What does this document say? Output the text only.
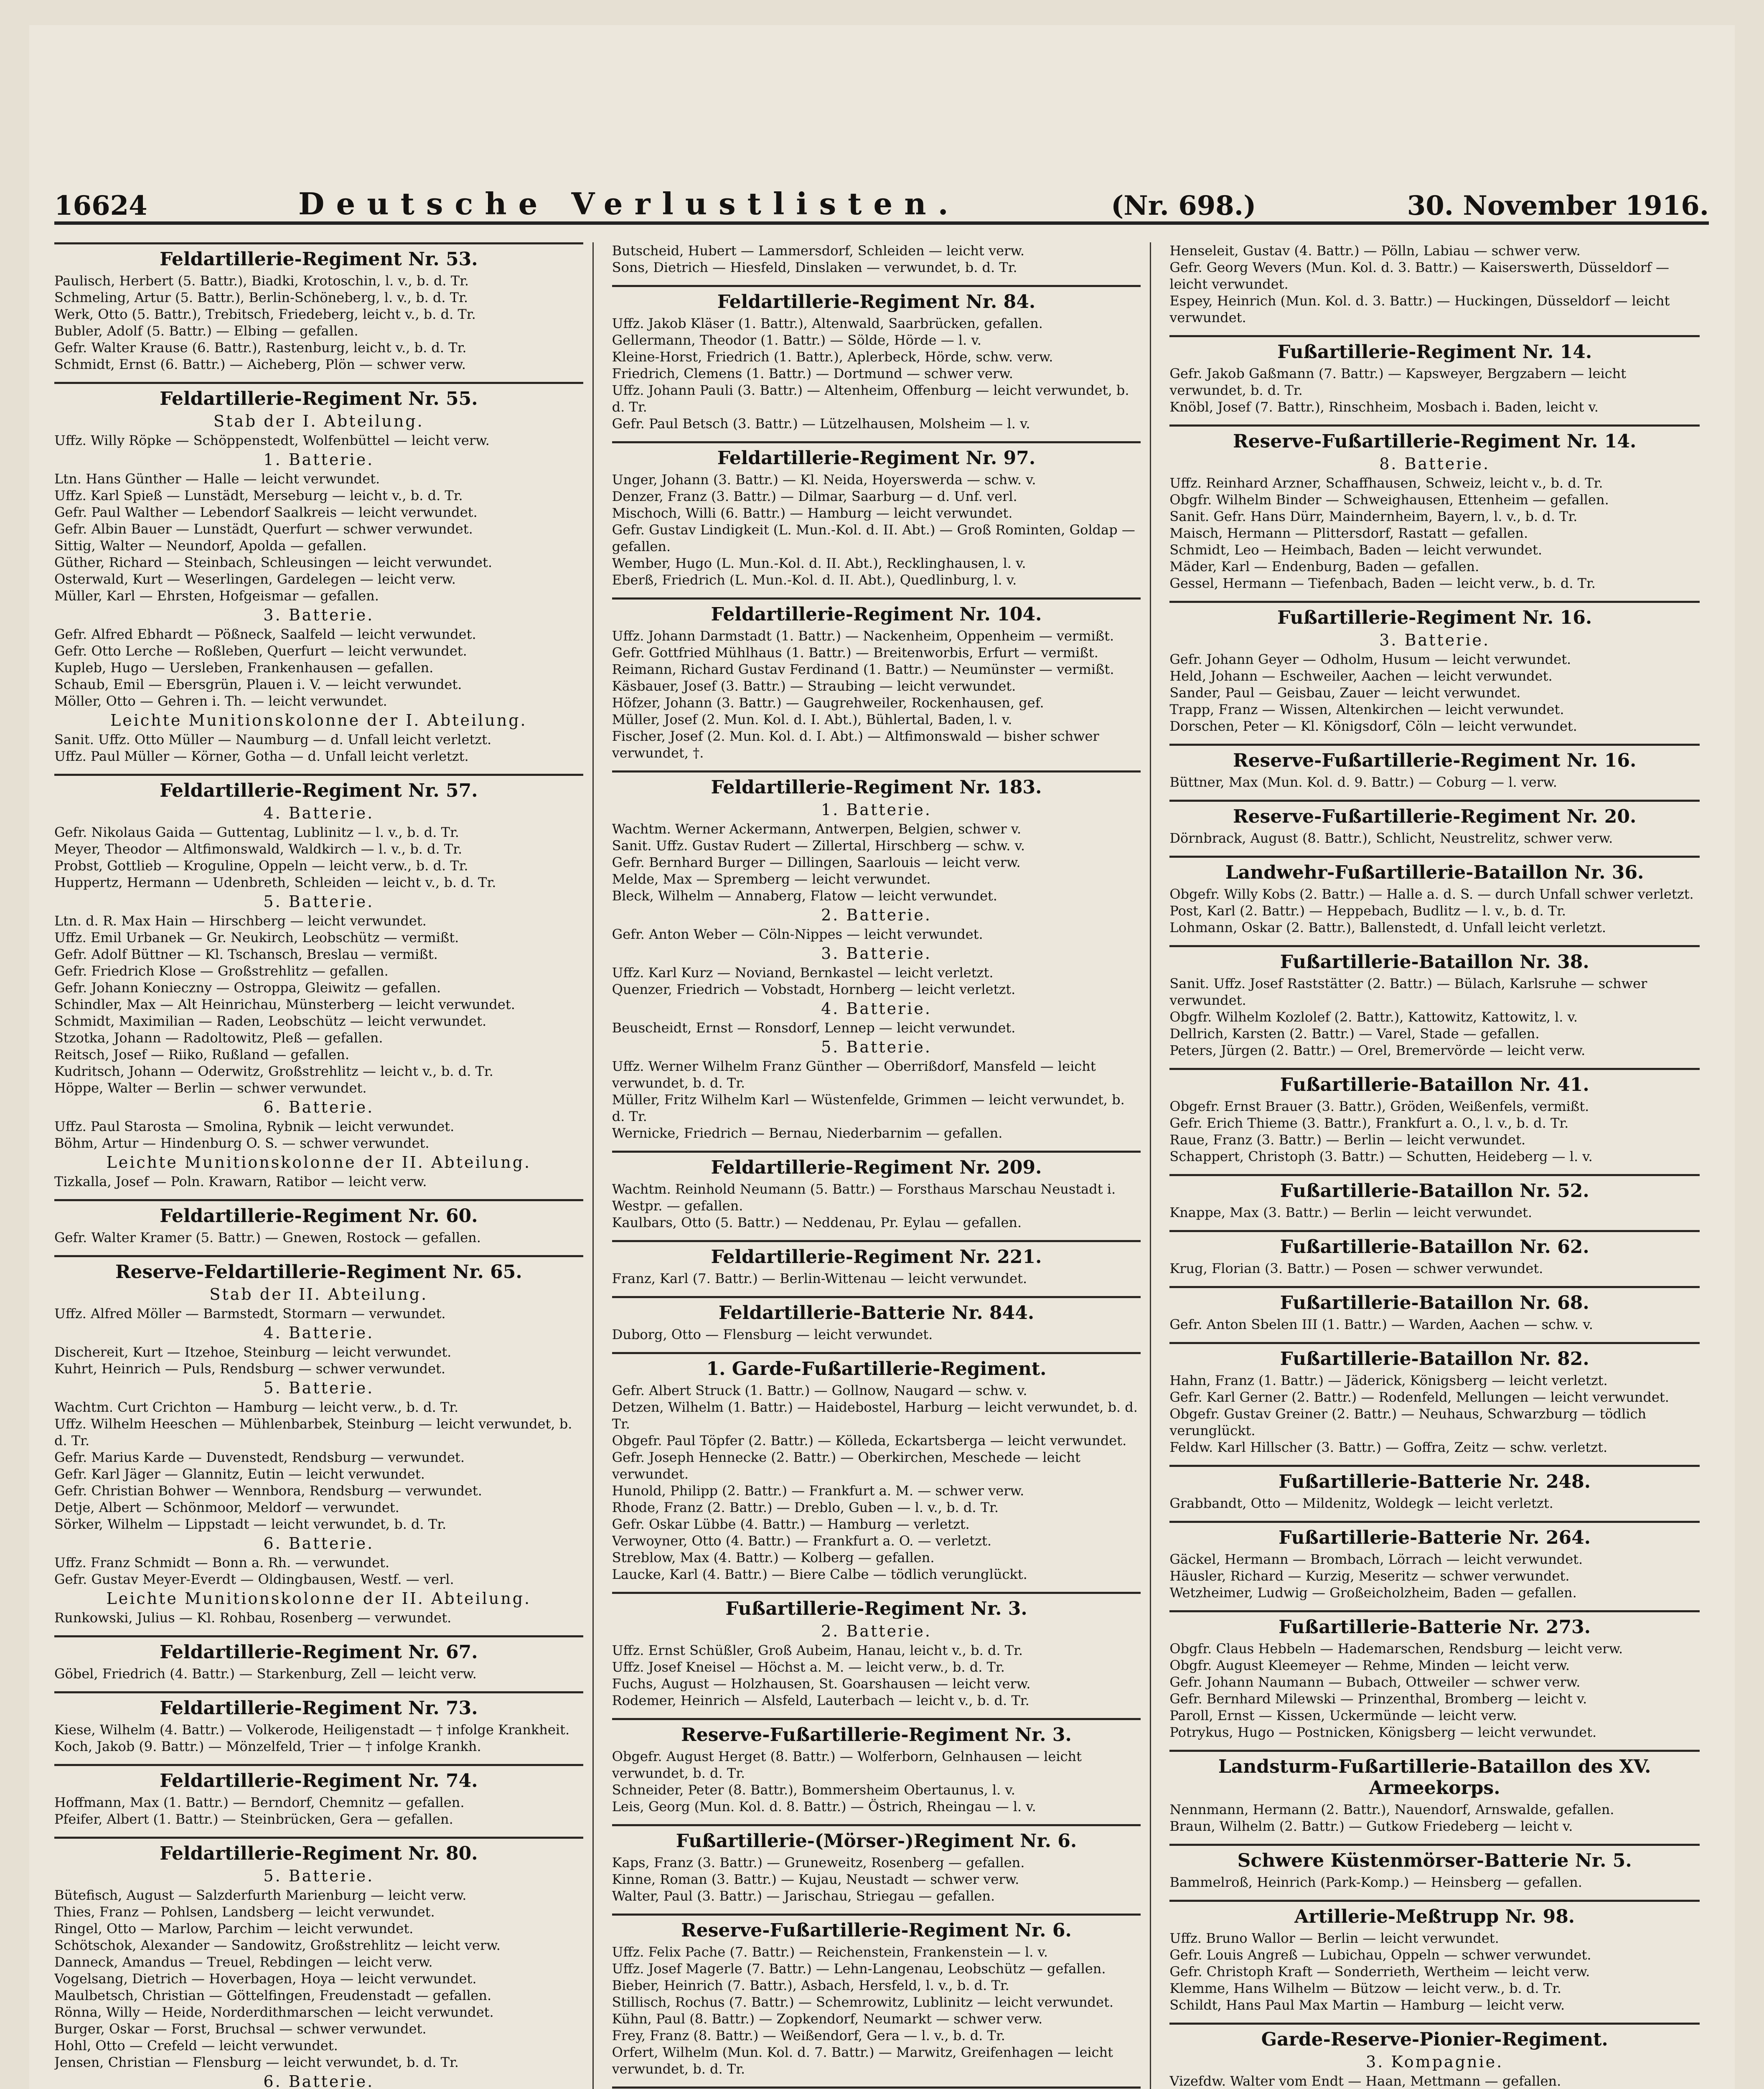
16624	Deutsche Verlustlisten.	(Nr. 698.)	30. November 1916.
Feldartillerie-Regiment Nr. 53.
Paulisch, Herbert (5. Battr.), Biadki, Krotoschin, l. v., b. d. Tr.
Schmeling, Artur (5. Battr.), Berlin-Schöneberg, l. v., b. d. Tr.
Werk, Otto (5. Battr.), Trebitsch, Friedeberg, leicht v., b. d. Tr.
Bubler, Adolf (5. Battr.) — Elbing — gefallen.
Gefr. Walter Krause (6. Battr.), Rastenburg, leicht v., b. d. Tr.
Schmidt, Ernst (6. Battr.) — Aicheberg, Plön — schwer verw.
Feldartillerie-Regiment Nr. 55.
Stab der I. Abteilung.
Uffz. Willy Röpke — Schöppenstedt, Wolfenbüttel — leicht verw.
1. Batterie.
Ltn. Hans Günther — Halle — leicht verwundet.
Uffz. Karl Spieß — Lunstädt, Merseburg — leicht v., b. d. Tr.
Gefr. Paul Walther — Lebendorf Saalkreis — leicht verwundet.
Gefr. Albin Bauer — Lunstädt, Querfurt — schwer verwundet.
Sittig, Walter — Neundorf, Apolda — gefallen.
Güther, Richard — Steinbach, Schleusingen — leicht verwundet.
Osterwald, Kurt — Weserlingen, Gardelegen — leicht verw.
Müller, Karl — Ehrsten, Hofgeismar — gefallen.
3. Batterie.
Gefr. Alfred Ebhardt — Pößneck, Saalfeld — leicht verwundet.
Gefr. Otto Lerche — Roßleben, Querfurt — leicht verwundet.
Kupleb, Hugo — Uersleben, Frankenhausen — gefallen.
Schaub, Emil — Ebersgrün, Plauen i. V. — leicht verwundet.
Möller, Otto — Gehren i. Th. — leicht verwundet.
Leichte Munitionskolonne der I. Abteilung.
Sanit. Uffz. Otto Müller — Naumburg — d. Unfall leicht verletzt.
Uffz. Paul Müller — Körner, Gotha — d. Unfall leicht verletzt.
Feldartillerie-Regiment Nr. 57.
4. Batterie.
Gefr. Nikolaus Gaida — Guttentag, Lublinitz — l. v., b. d. Tr.
Meyer, Theodor — Altfimonswald, Waldkirch — l. v., b. d. Tr.
Probst, Gottlieb — Kroguline, Oppeln — leicht verw., b. d. Tr.
Huppertz, Hermann — Udenbreth, Schleiden — leicht v., b. d. Tr.
5. Batterie.
Ltn. d. R. Max Hain — Hirschberg — leicht verwundet.
Uffz. Emil Urbanek — Gr. Neukirch, Leobschütz — vermißt.
Gefr. Adolf Büttner — Kl. Tschansch, Breslau — vermißt.
Gefr. Friedrich Klose — Großstrehlitz — gefallen.
Gefr. Johann Konieczny — Ostroppa, Gleiwitz — gefallen.
Schindler, Max — Alt Heinrichau, Münsterberg — leicht verwundet.
Schmidt, Maximilian — Raden, Leobschütz — leicht verwundet.
Stzotka, Johann — Radoltowitz, Pleß — gefallen.
Reitsch, Josef — Riiko, Rußland — gefallen.
Kudritsch, Johann — Oderwitz, Großstrehlitz — leicht v., b. d. Tr.
Höppe, Walter — Berlin — schwer verwundet.
6. Batterie.
Uffz. Paul Starosta — Smolina, Rybnik — leicht verwundet.
Böhm, Artur — Hindenburg O. S. — schwer verwundet.
Leichte Munitionskolonne der II. Abteilung.
Tizkalla, Josef — Poln. Krawarn, Ratibor — leicht verw.
Feldartillerie-Regiment Nr. 60.
Gefr. Walter Kramer (5. Battr.) — Gnewen, Rostock — gefallen.
Reserve-Feldartillerie-Regiment Nr. 65.
Stab der II. Abteilung.
Uffz. Alfred Möller — Barmstedt, Stormarn — verwundet.
4. Batterie.
Dischereit, Kurt — Itzehoe, Steinburg — leicht verwundet.
Kuhrt, Heinrich — Puls, Rendsburg — schwer verwundet.
5. Batterie.
Wachtm. Curt Crichton — Hamburg — leicht verw., b. d. Tr.
Uffz. Wilhelm Heeschen — Mühlenbarbek, Steinburg — leicht verwundet, b. d. Tr.
Gefr. Marius Karde — Duvenstedt, Rendsburg — verwundet.
Gefr. Karl Jäger — Glannitz, Eutin — leicht verwundet.
Gefr. Christian Bohwer — Wennbora, Rendsburg — verwundet.
Detje, Albert — Schönmoor, Meldorf — verwundet.
Sörker, Wilhelm — Lippstadt — leicht verwundet, b. d. Tr.
6. Batterie.
Uffz. Franz Schmidt — Bonn a. Rh. — verwundet.
Gefr. Gustav Meyer-Everdt — Oldingbausen, Westf. — verl.
Leichte Munitionskolonne der II. Abteilung.
Runkowski, Julius — Kl. Rohbau, Rosenberg — verwundet.
Feldartillerie-Regiment Nr. 67.
Göbel, Friedrich (4. Battr.) — Starkenburg, Zell — leicht verw.
Feldartillerie-Regiment Nr. 73.
Kiese, Wilhelm (4. Battr.) — Volkerode, Heiligenstadt — † infolge Krankheit.
Koch, Jakob (9. Battr.) — Mönzelfeld, Trier — † infolge Krankh.
Feldartillerie-Regiment Nr. 74.
Hoffmann, Max (1. Battr.) — Berndorf, Chemnitz — gefallen.
Pfeifer, Albert (1. Battr.) — Steinbrücken, Gera — gefallen.
Feldartillerie-Regiment Nr. 80.
5. Batterie.
Bütefisch, August — Salzderfurth Marienburg — leicht verw.
Thies, Franz — Pohlsen, Landsberg — leicht verwundet.
Ringel, Otto — Marlow, Parchim — leicht verwundet.
Schötschok, Alexander — Sandowitz, Großstrehlitz — leicht verw.
Danneck, Amandus — Treuel, Rebdingen — leicht verw.
Vogelsang, Dietrich — Hoverbagen, Hoya — leicht verwundet.
Maulbetsch, Christian — Göttelfingen, Freudenstadt — gefallen.
Rönna, Willy — Heide, Norderdithmarschen — leicht verwundet.
Burger, Oskar — Forst, Bruchsal — schwer verwundet.
Hohl, Otto — Crefeld — leicht verwundet.
Jensen, Christian — Flensburg — leicht verwundet, b. d. Tr.
6. Batterie.
Butscheid, Hubert — Lammersdorf, Schleiden — leicht verw.
Sons, Dietrich — Hiesfeld, Dinslaken — verwundet, b. d. Tr.
Feldartillerie-Regiment Nr. 84.
Uffz. Jakob Kläser (1. Battr.), Altenwald, Saarbrücken, gefallen.
Gellermann, Theodor (1. Battr.) — Sölde, Hörde — l. v.
Kleine-Horst, Friedrich (1. Battr.), Aplerbeck, Hörde, schw. verw.
Friedrich, Clemens (1. Battr.) — Dortmund — schwer verw.
Uffz. Johann Pauli (3. Battr.) — Altenheim, Offenburg — leicht verwundet, b. d. Tr.
Gefr. Paul Betsch (3. Battr.) — Lützelhausen, Molsheim — l. v.
Feldartillerie-Regiment Nr. 97.
Unger, Johann (3. Battr.) — Kl. Neida, Hoyerswerda — schw. v.
Denzer, Franz (3. Battr.) — Dilmar, Saarburg — d. Unf. verl.
Mischoch, Willi (6. Battr.) — Hamburg — leicht verwundet.
Gefr. Gustav Lindigkeit (L. Mun.-Kol. d. II. Abt.) — Groß Rominten, Goldap — gefallen.
Wember, Hugo (L. Mun.-Kol. d. II. Abt.), Recklinghausen, l. v.
Eberß, Friedrich (L. Mun.-Kol. d. II. Abt.), Quedlinburg, l. v.
Feldartillerie-Regiment Nr. 104.
Uffz. Johann Darmstadt (1. Battr.) — Nackenheim, Oppenheim — vermißt.
Gefr. Gottfried Mühlhaus (1. Battr.) — Breitenworbis, Erfurt — vermißt.
Reimann, Richard Gustav Ferdinand (1. Battr.) — Neumünster — vermißt.
Käsbauer, Josef (3. Battr.) — Straubing — leicht verwundet.
Höfzer, Johann (3. Battr.) — Gaugrehweiler, Rockenhausen, gef.
Müller, Josef (2. Mun. Kol. d. I. Abt.), Bühlertal, Baden, l. v.
Fischer, Josef (2. Mun. Kol. d. I. Abt.) — Altfimonswald — bisher schwer verwundet, †.
Feldartillerie-Regiment Nr. 183.
1. Batterie.
Wachtm. Werner Ackermann, Antwerpen, Belgien, schwer v.
Sanit. Uffz. Gustav Rudert — Zillertal, Hirschberg — schw. v.
Gefr. Bernhard Burger — Dillingen, Saarlouis — leicht verw.
Melde, Max — Spremberg — leicht verwundet.
Bleck, Wilhelm — Annaberg, Flatow — leicht verwundet.
2. Batterie.
Gefr. Anton Weber — Cöln-Nippes — leicht verwundet.
3. Batterie.
Uffz. Karl Kurz — Noviand, Bernkastel — leicht verletzt.
Quenzer, Friedrich — Vobstadt, Hornberg — leicht verletzt.
4. Batterie.
Beuscheidt, Ernst — Ronsdorf, Lennep — leicht verwundet.
5. Batterie.
Uffz. Werner Wilhelm Franz Günther — Oberrißdorf, Mansfeld — leicht verwundet, b. d. Tr.
Müller, Fritz Wilhelm Karl — Wüstenfelde, Grimmen — leicht verwundet, b. d. Tr.
Wernicke, Friedrich — Bernau, Niederbarnim — gefallen.
Feldartillerie-Regiment Nr. 209.
Wachtm. Reinhold Neumann (5. Battr.) — Forsthaus Marschau Neustadt i. Westpr. — gefallen.
Kaulbars, Otto (5. Battr.) — Neddenau, Pr. Eylau — gefallen.
Feldartillerie-Regiment Nr. 221.
Franz, Karl (7. Battr.) — Berlin-Wittenau — leicht verwundet.
Feldartillerie-Batterie Nr. 844.
Duborg, Otto — Flensburg — leicht verwundet.
1. Garde-Fußartillerie-Regiment.
Gefr. Albert Struck (1. Battr.) — Gollnow, Naugard — schw. v.
Detzen, Wilhelm (1. Battr.) — Haidebostel, Harburg — leicht verwundet, b. d. Tr.
Obgefr. Paul Töpfer (2. Battr.) — Kölleda, Eckartsberga — leicht verwundet.
Gefr. Joseph Hennecke (2. Battr.) — Oberkirchen, Meschede — leicht verwundet.
Hunold, Philipp (2. Battr.) — Frankfurt a. M. — schwer verw.
Rhode, Franz (2. Battr.) — Dreblo, Guben — l. v., b. d. Tr.
Gefr. Oskar Lübbe (4. Battr.) — Hamburg — verletzt.
Verwoyner, Otto (4. Battr.) — Frankfurt a. O. — verletzt.
Streblow, Max (4. Battr.) — Kolberg — gefallen.
Laucke, Karl (4. Battr.) — Biere Calbe — tödlich verunglückt.
Fußartillerie-Regiment Nr. 3.
2. Batterie.
Uffz. Ernst Schüßler, Groß Aubeim, Hanau, leicht v., b. d. Tr.
Uffz. Josef Kneisel — Höchst a. M. — leicht verw., b. d. Tr.
Fuchs, August — Holzhausen, St. Goarshausen — leicht verw.
Rodemer, Heinrich — Alsfeld, Lauterbach — leicht v., b. d. Tr.
Reserve-Fußartillerie-Regiment Nr. 3.
Obgefr. August Herget (8. Battr.) — Wolferborn, Gelnhausen — leicht verwundet, b. d. Tr.
Schneider, Peter (8. Battr.), Bommersheim Obertaunus, l. v.
Leis, Georg (Mun. Kol. d. 8. Battr.) — Östrich, Rheingau — l. v.
Fußartillerie-(Mörser-)Regiment Nr. 6.
Kaps, Franz (3. Battr.) — Gruneweitz, Rosenberg — gefallen.
Kinne, Roman (3. Battr.) — Kujau, Neustadt — schwer verw.
Walter, Paul (3. Battr.) — Jarischau, Striegau — gefallen.
Reserve-Fußartillerie-Regiment Nr. 6.
Uffz. Felix Pache (7. Battr.) — Reichenstein, Frankenstein — l. v.
Uffz. Josef Magerle (7. Battr.) — Lehn-Langenau, Leobschütz — gefallen.
Bieber, Heinrich (7. Battr.), Asbach, Hersfeld, l. v., b. d. Tr.
Stillisch, Rochus (7. Battr.) — Schemrowitz, Lublinitz — leicht verwundet.
Kühn, Paul (8. Battr.) — Zopkendorf, Neumarkt — schwer verw.
Frey, Franz (8. Battr.) — Weißendorf, Gera — l. v., b. d. Tr.
Orfert, Wilhelm (Mun. Kol. d. 7. Battr.) — Marwitz, Greifenhagen — leicht verwundet, b. d. Tr.
Henseleit, Gustav (4. Battr.) — Pölln, Labiau — schwer verw.
Gefr. Georg Wevers (Mun. Kol. d. 3. Battr.) — Kaiserswerth, Düsseldorf — leicht verwundet.
Espey, Heinrich (Mun. Kol. d. 3. Battr.) — Huckingen, Düsseldorf — leicht verwundet.
Fußartillerie-Regiment Nr. 14.
Gefr. Jakob Gaßmann (7. Battr.) — Kapsweyer, Bergzabern — leicht verwundet, b. d. Tr.
Knöbl, Josef (7. Battr.), Rinschheim, Mosbach i. Baden, leicht v.
Reserve-Fußartillerie-Regiment Nr. 14.
8. Batterie.
Uffz. Reinhard Arzner, Schaffhausen, Schweiz, leicht v., b. d. Tr.
Obgfr. Wilhelm Binder — Schweighausen, Ettenheim — gefallen.
Sanit. Gefr. Hans Dürr, Maindernheim, Bayern, l. v., b. d. Tr.
Maisch, Hermann — Plittersdorf, Rastatt — gefallen.
Schmidt, Leo — Heimbach, Baden — leicht verwundet.
Mäder, Karl — Endenburg, Baden — gefallen.
Gessel, Hermann — Tiefenbach, Baden — leicht verw., b. d. Tr.
Fußartillerie-Regiment Nr. 16.
3. Batterie.
Gefr. Johann Geyer — Odholm, Husum — leicht verwundet.
Held, Johann — Eschweiler, Aachen — leicht verwundet.
Sander, Paul — Geisbau, Zauer — leicht verwundet.
Trapp, Franz — Wissen, Altenkirchen — leicht verwundet.
Dorschen, Peter — Kl. Königsdorf, Cöln — leicht verwundet.
Reserve-Fußartillerie-Regiment Nr. 16.
Büttner, Max (Mun. Kol. d. 9. Battr.) — Coburg — l. verw.
Reserve-Fußartillerie-Regiment Nr. 20.
Dörnbrack, August (8. Battr.), Schlicht, Neustrelitz, schwer verw.
Landwehr-Fußartillerie-Bataillon Nr. 36.
Obgefr. Willy Kobs (2. Battr.) — Halle a. d. S. — durch Unfall schwer verletzt.
Post, Karl (2. Battr.) — Heppebach, Budlitz — l. v., b. d. Tr.
Lohmann, Oskar (2. Battr.), Ballenstedt, d. Unfall leicht verletzt.
Fußartillerie-Bataillon Nr. 38.
Sanit. Uffz. Josef Raststätter (2. Battr.) — Bülach, Karlsruhe — schwer verwundet.
Obgfr. Wilhelm Kozlolef (2. Battr.), Kattowitz, Kattowitz, l. v.
Dellrich, Karsten (2. Battr.) — Varel, Stade — gefallen.
Peters, Jürgen (2. Battr.) — Orel, Bremervörde — leicht verw.
Fußartillerie-Bataillon Nr. 41.
Obgefr. Ernst Brauer (3. Battr.), Gröden, Weißenfels, vermißt.
Gefr. Erich Thieme (3. Battr.), Frankfurt a. O., l. v., b. d. Tr.
Raue, Franz (3. Battr.) — Berlin — leicht verwundet.
Schappert, Christoph (3. Battr.) — Schutten, Heideberg — l. v.
Fußartillerie-Bataillon Nr. 52.
Knappe, Max (3. Battr.) — Berlin — leicht verwundet.
Fußartillerie-Bataillon Nr. 62.
Krug, Florian (3. Battr.) — Posen — schwer verwundet.
Fußartillerie-Bataillon Nr. 68.
Gefr. Anton Sbelen III (1. Battr.) — Warden, Aachen — schw. v.
Fußartillerie-Bataillon Nr. 82.
Hahn, Franz (1. Battr.) — Jäderick, Königsberg — leicht verletzt.
Gefr. Karl Gerner (2. Battr.) — Rodenfeld, Mellungen — leicht verwundet.
Obgefr. Gustav Greiner (2. Battr.) — Neuhaus, Schwarzburg — tödlich verunglückt.
Feldw. Karl Hillscher (3. Battr.) — Goffra, Zeitz — schw. verletzt.
Fußartillerie-Batterie Nr. 248.
Grabbandt, Otto — Mildenitz, Woldegk — leicht verletzt.
Fußartillerie-Batterie Nr. 264.
Gäckel, Hermann — Brombach, Lörrach — leicht verwundet.
Häusler, Richard — Kurzig, Meseritz — schwer verwundet.
Wetzheimer, Ludwig — Großeicholzheim, Baden — gefallen.
Fußartillerie-Batterie Nr. 273.
Obgfr. Claus Hebbeln — Hademarschen, Rendsburg — leicht verw.
Obgfr. August Kleemeyer — Rehme, Minden — leicht verw.
Gefr. Johann Naumann — Bubach, Ottweiler — schwer verw.
Gefr. Bernhard Milewski — Prinzenthal, Bromberg — leicht v.
Paroll, Ernst — Kissen, Uckermünde — leicht verw.
Potrykus, Hugo — Postnicken, Königsberg — leicht verwundet.
Landsturm-Fußartillerie-Bataillon des XV. Armeekorps.
Nennmann, Hermann (2. Battr.), Nauendorf, Arnswalde, gefallen.
Braun, Wilhelm (2. Battr.) — Gutkow Friedeberg — leicht v.
Schwere Küstenmörser-Batterie Nr. 5.
Bammelroß, Heinrich (Park-Komp.) — Heinsberg — gefallen.
Artillerie-Meßtrupp Nr. 98.
Uffz. Bruno Wallor — Berlin — leicht verwundet.
Gefr. Louis Angreß — Lubichau, Oppeln — schwer verwundet.
Gefr. Christoph Kraft — Sonderrieth, Wertheim — leicht verw.
Klemme, Hans Wilhelm — Bützow — leicht verw., b. d. Tr.
Schildt, Hans Paul Max Martin — Hamburg — leicht verw.
Garde-Reserve-Pionier-Regiment.
3. Kompagnie.
Vizefdw. Walter vom Endt — Haan, Mettmann — gefallen.
